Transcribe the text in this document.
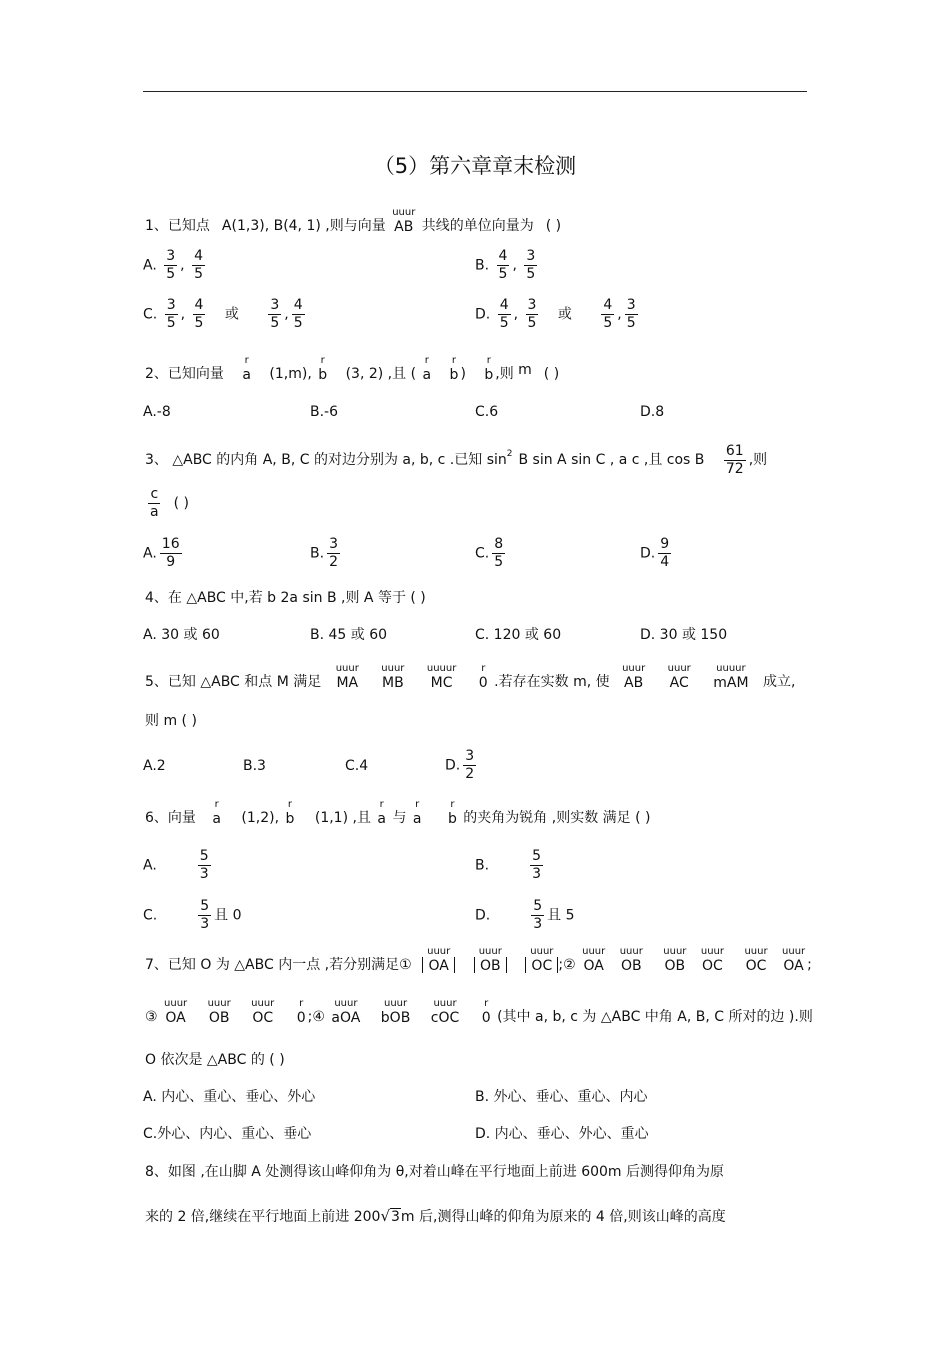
（5）第六章章末检测
1、已知点 A(1,3), B(4, 1) ,则与向量
uuur
AB 共线的单位向量为 ( )
A. $\frac{3}{5}$ , $\frac{4}{5}$	B. $\frac{4}{5}$ , $\frac{3}{5}$
C. $\frac{3}{5}$ , $\frac{4}{5}$ 或 $\frac{3}{5}$ , $\frac{4}{5}$	D. $\frac{4}{5}$ , $\frac{3}{5}$ 或 $\frac{4}{5}$ , $\frac{3}{5}$
2、已知向量
r
a (1,m),
r
b (3, 2) ,且 (
r
a

r
b )
r
b ,则 m ( )
A.-8	B.-6	C.6	D.8
3、 △ABC 的内角 A, B, C 的对边分别为 a, b, c .已知 $\sin^2 B$ sin A sin C , a c ,且 cos B $\frac{61}{72}$ ,则
$\frac{c}{a}$ ( )
A. $\frac{16}{9}$	B. $\frac{3}{2}$	C. $\frac{8}{5}$	D. $\frac{9}{4}$
4、在 △ABC 中,若 b 2a sin B ,则 A 等于 ( )
A. 30 或 60	B. 45 或 60	C. 120 或 60	D. 30 或 150
5、已知 △ABC 和点 M 满足
uuur
MA

uuur
MB

uuuur
MC

r
0 .若存在实数 m, 使
uuur
AB

uuur
AC

uuuur
mAM 成立,
则 m ( )
A.2	B.3	C.4	D. $\frac{3}{2}$
6、向量
r
a (1,2),
r
b (1,1) ,且
r
a 与
r
a

r
b 的夹角为锐角 ,则实数 满足 ( )
A.	$\frac{5}{3}$	B.	$\frac{5}{3}$
C.	$\frac{5}{3}$ 且 0	D.	$\frac{5}{3}$ 且 5
7、已知 O 为 △ABC 内一点 ,若分别满足①
uuur
OA

uuur
OB

uuur
OC ;②
uuur
OA

uuur
OB

uuur
OB

uuur
OC

uuur
OC

uuur
OA ;
③
uuur
OA

uuur
OB

uuur
OC

r
0 ;④
uuur
aOA

uuur
bOB

uuur
cOC

r
0 (其中 a, b, c 为 △ABC 中角 A, B, C 所对的边 ).则
O 依次是 △ABC 的 ( )
A. 内心、重心、垂心、外心	B. 外心、垂心、重心、内心
C.外心、内心、重心、垂心	D. 内心、垂心、外心、重心
8、如图 ,在山脚 A 处测得该山峰仰角为 θ,对着山峰在平行地面上前进 600m 后测得仰角为原
来的 2 倍,继续在平行地面上前进 200√3m 后,测得山峰的仰角为原来的 4 倍,则该山峰的高度
